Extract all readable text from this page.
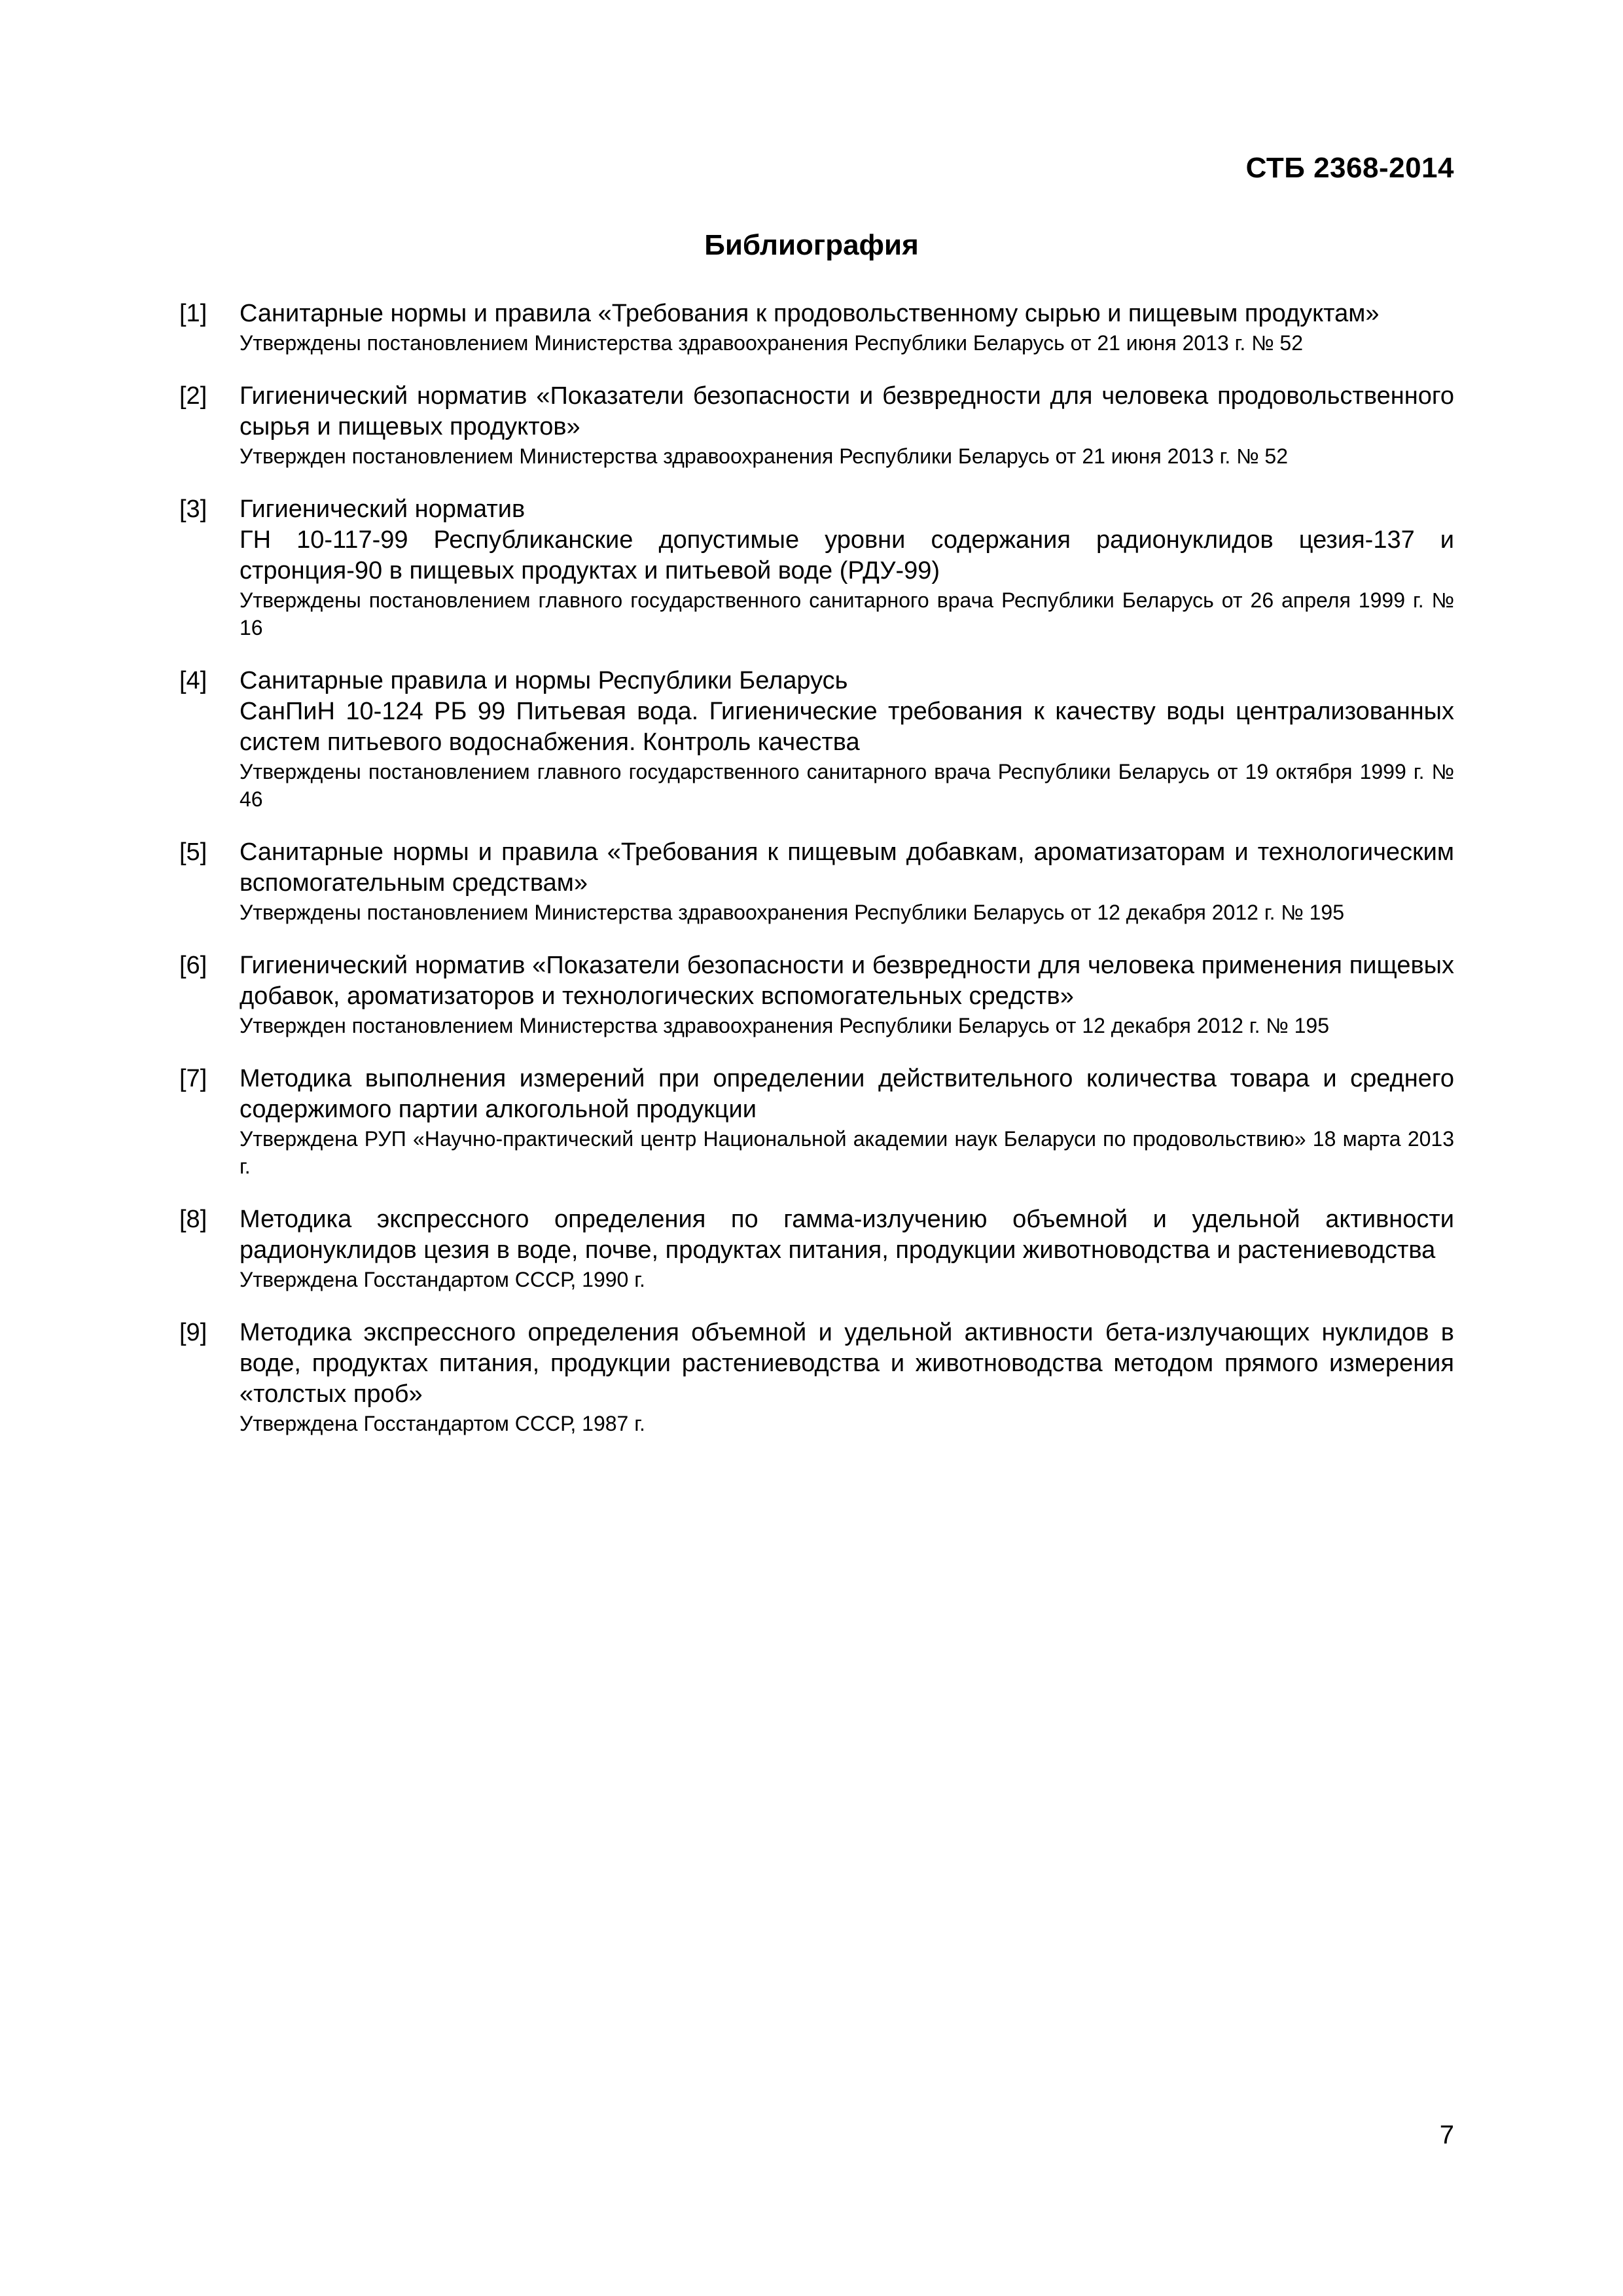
СТБ 2368-2014
Библиография
[1] Санитарные нормы и правила «Требования к продовольственному сырью и пищевым продуктам»
Утверждены постановлением Министерства здравоохранения Республики Беларусь от 21 июня 2013 г. № 52
[2] Гигиенический норматив «Показатели безопасности и безвредности для человека продовольственного сырья и пищевых продуктов»
Утвержден постановлением Министерства здравоохранения Республики Беларусь от 21 июня 2013 г. № 52
[3] Гигиенический норматив
ГН 10-117-99 Республиканские допустимые уровни содержания радионуклидов цезия-137 и стронция-90 в пищевых продуктах и питьевой воде (РДУ-99)
Утверждены постановлением главного государственного санитарного врача Республики Беларусь от 26 апреля 1999 г. № 16
[4] Санитарные правила и нормы Республики Беларусь
СанПиН 10-124 РБ 99 Питьевая вода. Гигиенические требования к качеству воды централизованных систем питьевого водоснабжения. Контроль качества
Утверждены постановлением главного государственного санитарного врача Республики Беларусь от 19 октября 1999 г. № 46
[5] Санитарные нормы и правила «Требования к пищевым добавкам, ароматизаторам и технологическим вспомогательным средствам»
Утверждены постановлением Министерства здравоохранения Республики Беларусь от 12 декабря 2012 г. № 195
[6] Гигиенический норматив «Показатели безопасности и безвредности для человека применения пищевых добавок, ароматизаторов и технологических вспомогательных средств»
Утвержден постановлением Министерства здравоохранения Республики Беларусь от 12 декабря 2012 г. № 195
[7] Методика выполнения измерений при определении действительного количества товара и среднего содержимого партии алкогольной продукции
Утверждена РУП «Научно-практический центр Национальной академии наук Беларуси по продовольствию» 18 марта 2013 г.
[8] Методика экспрессного определения по гамма-излучению объемной и удельной активности радионуклидов цезия в воде, почве, продуктах питания, продукции животноводства и растениеводства
Утверждена Госстандартом СССР, 1990 г.
[9] Методика экспрессного определения объемной и удельной активности бета-излучающих нуклидов в воде, продуктах питания, продукции растениеводства и животноводства методом прямого измерения «толстых проб»
Утверждена Госстандартом СССР, 1987 г.
7
